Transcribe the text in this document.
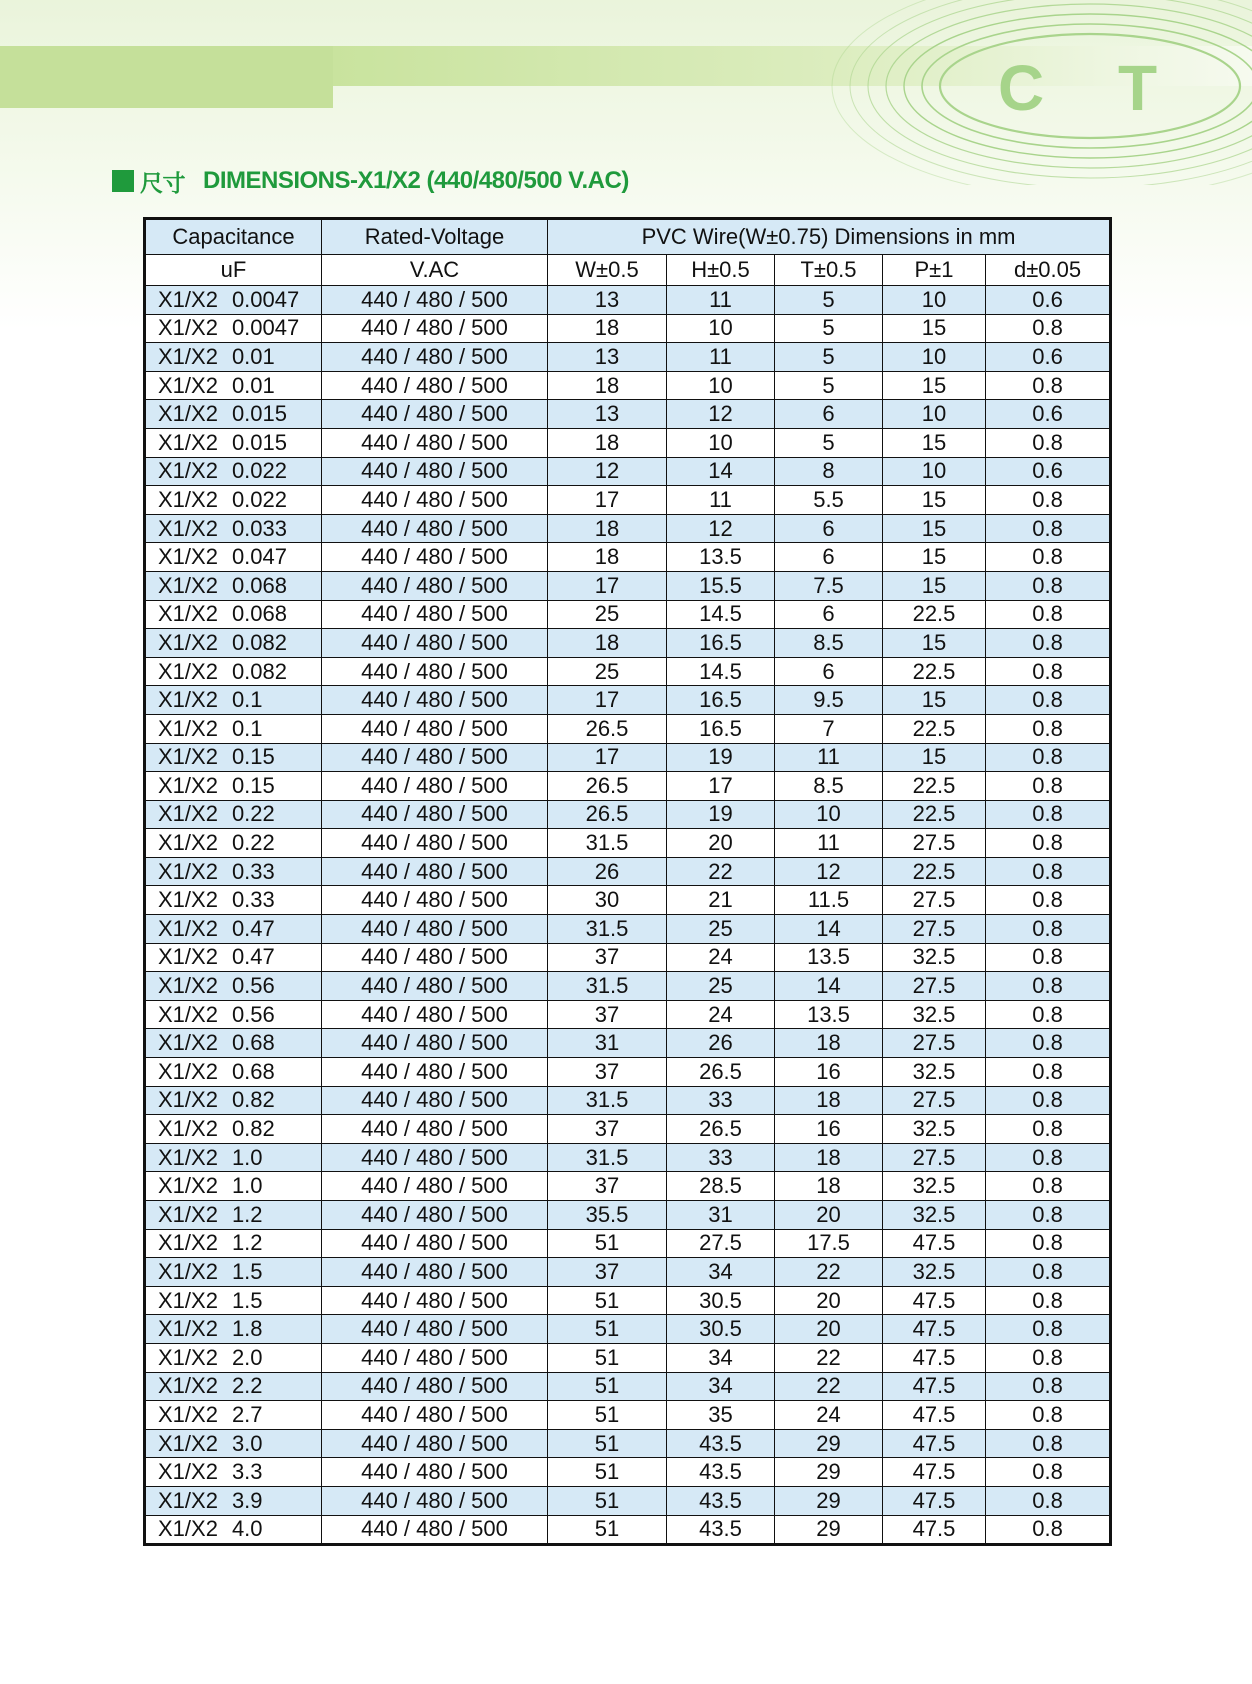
C T
尺寸 DIMENSIONS-X1/X2 (440/480/500 V.AC)
Capacitance	Rated-Voltage	PVC Wire(W±0.75) Dimensions in mm				
uF	V.AC	W±0.5	H±0.5	T±0.5	P±1	d±0.05
X1/X2 0.0047	440 / 480 / 500	13	11	5	10	0.6
X1/X2 0.0047	440 / 480 / 500	18	10	5	15	0.8
X1/X2 0.01	440 / 480 / 500	13	11	5	10	0.6
X1/X2 0.01	440 / 480 / 500	18	10	5	15	0.8
X1/X2 0.015	440 / 480 / 500	13	12	6	10	0.6
X1/X2 0.015	440 / 480 / 500	18	10	5	15	0.8
X1/X2 0.022	440 / 480 / 500	12	14	8	10	0.6
X1/X2 0.022	440 / 480 / 500	17	11	5.5	15	0.8
X1/X2 0.033	440 / 480 / 500	18	12	6	15	0.8
X1/X2 0.047	440 / 480 / 500	18	13.5	6	15	0.8
X1/X2 0.068	440 / 480 / 500	17	15.5	7.5	15	0.8
X1/X2 0.068	440 / 480 / 500	25	14.5	6	22.5	0.8
X1/X2 0.082	440 / 480 / 500	18	16.5	8.5	15	0.8
X1/X2 0.082	440 / 480 / 500	25	14.5	6	22.5	0.8
X1/X2 0.1	440 / 480 / 500	17	16.5	9.5	15	0.8
X1/X2 0.1	440 / 480 / 500	26.5	16.5	7	22.5	0.8
X1/X2 0.15	440 / 480 / 500	17	19	11	15	0.8
X1/X2 0.15	440 / 480 / 500	26.5	17	8.5	22.5	0.8
X1/X2 0.22	440 / 480 / 500	26.5	19	10	22.5	0.8
X1/X2 0.22	440 / 480 / 500	31.5	20	11	27.5	0.8
X1/X2 0.33	440 / 480 / 500	26	22	12	22.5	0.8
X1/X2 0.33	440 / 480 / 500	30	21	11.5	27.5	0.8
X1/X2 0.47	440 / 480 / 500	31.5	25	14	27.5	0.8
X1/X2 0.47	440 / 480 / 500	37	24	13.5	32.5	0.8
X1/X2 0.56	440 / 480 / 500	31.5	25	14	27.5	0.8
X1/X2 0.56	440 / 480 / 500	37	24	13.5	32.5	0.8
X1/X2 0.68	440 / 480 / 500	31	26	18	27.5	0.8
X1/X2 0.68	440 / 480 / 500	37	26.5	16	32.5	0.8
X1/X2 0.82	440 / 480 / 500	31.5	33	18	27.5	0.8
X1/X2 0.82	440 / 480 / 500	37	26.5	16	32.5	0.8
X1/X2 1.0	440 / 480 / 500	31.5	33	18	27.5	0.8
X1/X2 1.0	440 / 480 / 500	37	28.5	18	32.5	0.8
X1/X2 1.2	440 / 480 / 500	35.5	31	20	32.5	0.8
X1/X2 1.2	440 / 480 / 500	51	27.5	17.5	47.5	0.8
X1/X2 1.5	440 / 480 / 500	37	34	22	32.5	0.8
X1/X2 1.5	440 / 480 / 500	51	30.5	20	47.5	0.8
X1/X2 1.8	440 / 480 / 500	51	30.5	20	47.5	0.8
X1/X2 2.0	440 / 480 / 500	51	34	22	47.5	0.8
X1/X2 2.2	440 / 480 / 500	51	34	22	47.5	0.8
X1/X2 2.7	440 / 480 / 500	51	35	24	47.5	0.8
X1/X2 3.0	440 / 480 / 500	51	43.5	29	47.5	0.8
X1/X2 3.3	440 / 480 / 500	51	43.5	29	47.5	0.8
X1/X2 3.9	440 / 480 / 500	51	43.5	29	47.5	0.8
X1/X2 4.0	440 / 480 / 500	51	43.5	29	47.5	0.8
